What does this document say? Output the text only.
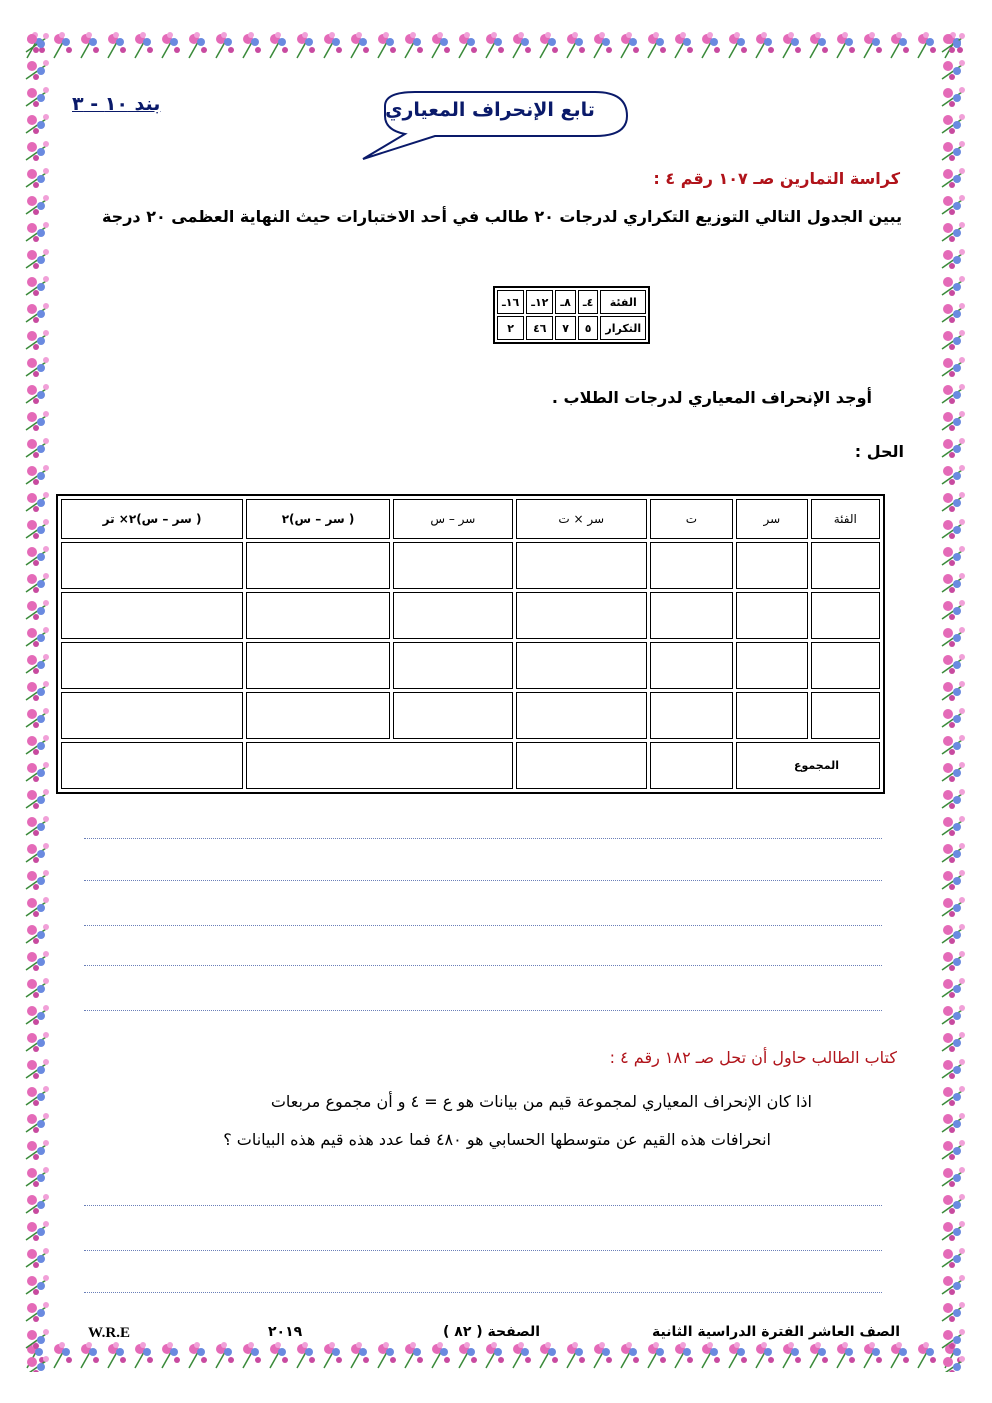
بند ١٠ - ٣	تابع الإنحراف المعياري
كراسة التمارين صـ ١٠٧ رقم ٤ :
يبين الجدول التالي التوزيع التكراري لدرجات ٢٠ طالب في أحد الاختبارات حيث النهاية العظمى ٢٠ درجة
الفئة	٤ـ	٨ـ	١٢ـ	١٦ـ
التكرار	٥	٧	٤٦	٢
أوجد الإنحراف المعياري لدرجات الطلاب .
الحل :
الفئة	سر	ت	سر × ت	سر – س	( سر – س)٢	( سر – س)٢× تر

المجموع						
كتاب الطالب حاول أن تحل صـ ١٨٢ رقم ٤ :
اذا كان الإنحراف المعياري لمجموعة قيم من بيانات هو ع = ٤ و أن مجموع مربعات
انحرافات هذه القيم عن متوسطها الحسابي هو ٤٨٠ فما عدد هذه قيم هذه البيانات ؟
الصف العاشر الفترة الدراسية الثانية
الصفحة ( ٨٢ )
٢٠١٩
W.R.E
